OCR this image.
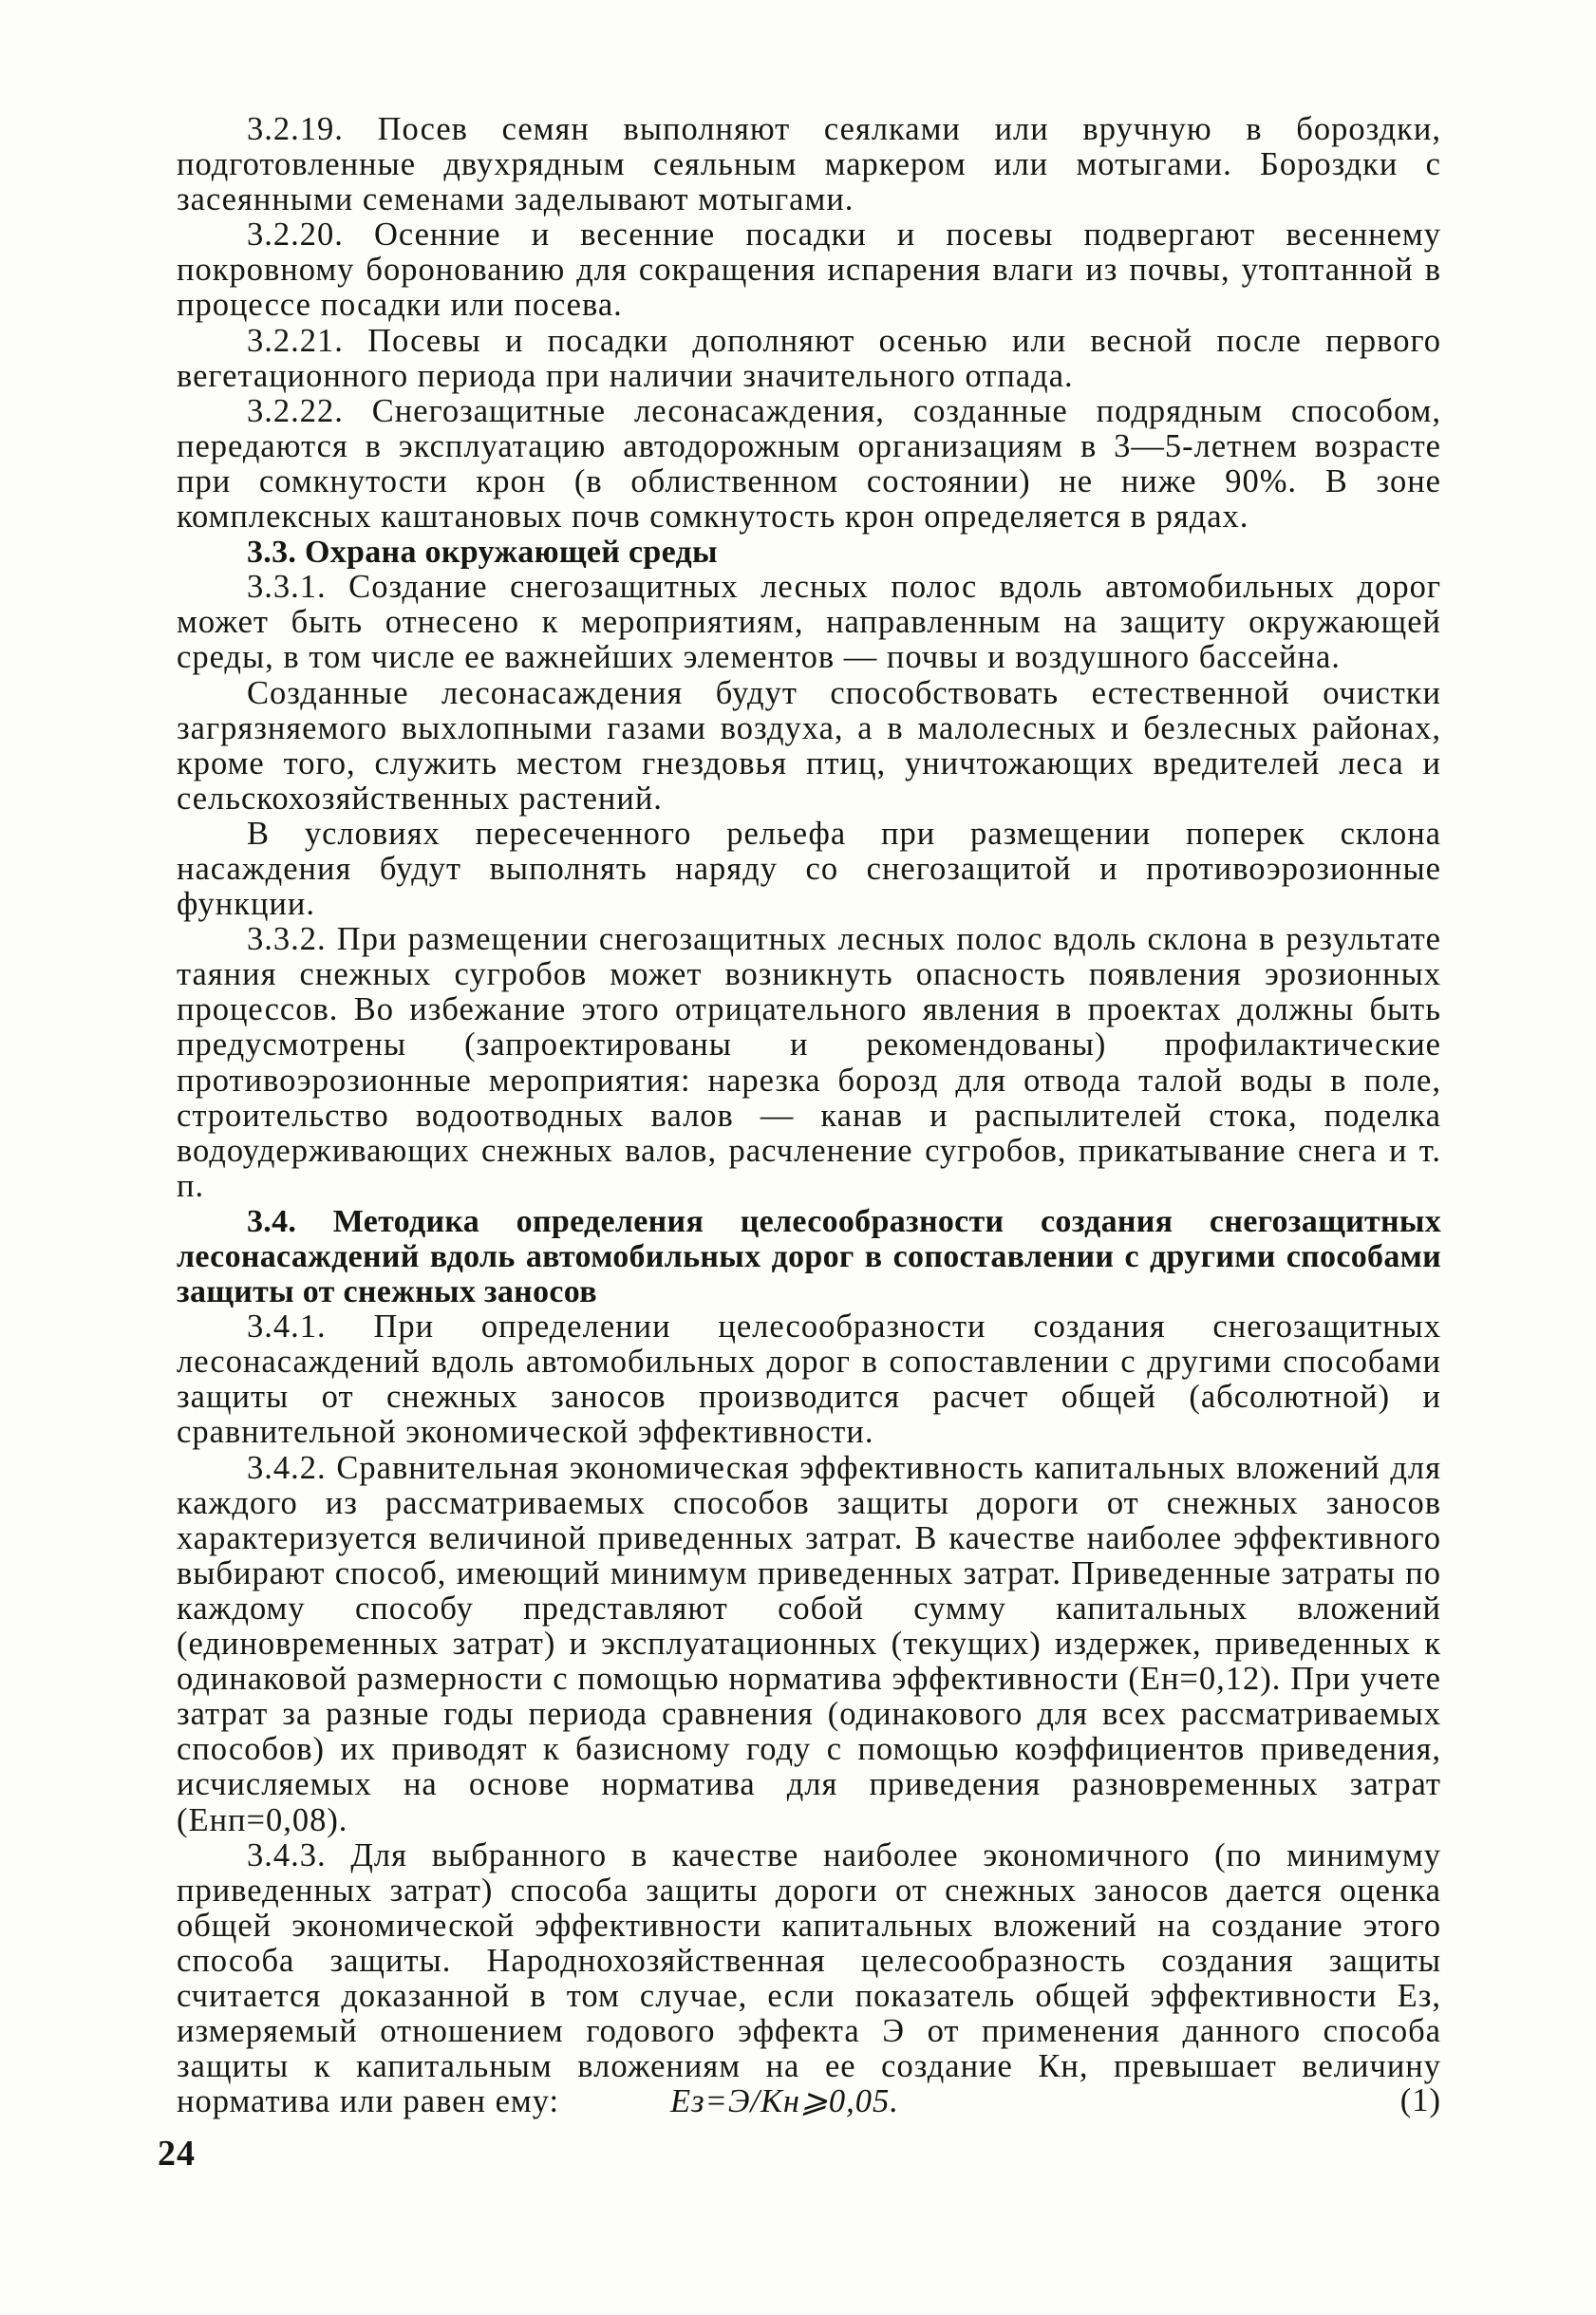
3.2.19. Посев семян выполняют сеялками или вручную в бороздки, подготовленные двухрядным сеяльным маркером или мотыгами. Бороздки с засеянными семенами заделывают мотыгами.

3.2.20. Осенние и весенние посадки и посевы подвергают весеннему покровному боронованию для сокращения испарения влаги из почвы, утоптанной в процессе посадки или посева.

3.2.21. Посевы и посадки дополняют осенью или весной после первого вегетационного периода при наличии значительного отпада.

3.2.22. Снегозащитные лесонасаждения, созданные подрядным способом, передаются в эксплуатацию автодорожным организациям в 3—5-летнем возрасте при сомкнутости крон (в облиственном состоянии) не ниже 90%. В зоне комплексных каштановых почв сомкнутость крон определяется в рядах.

3.3. Охрана окружающей среды

3.3.1. Создание снегозащитных лесных полос вдоль автомобильных дорог может быть отнесено к мероприятиям, направленным на защиту окружающей среды, в том числе ее важнейших элементов — почвы и воздушного бассейна.

Созданные лесонасаждения будут способствовать естественной очистки загрязняемого выхлопными газами воздуха, а в малолесных и безлесных районах, кроме того, служить местом гнездовья птиц, уничтожающих вредителей леса и сельскохозяйственных растений.

В условиях пересеченного рельефа при размещении поперек склона насаждения будут выполнять наряду со снегозащитой и противоэрозионные функции.

3.3.2. При размещении снегозащитных лесных полос вдоль склона в результате таяния снежных сугробов может возникнуть опасность появления эрозионных процессов. Во избежание этого отрицательного явления в проектах должны быть предусмотрены (запроектированы и рекомендованы) профилактические противоэрозионные мероприятия: нарезка борозд для отвода талой воды в поле, строительство водоотводных валов — канав и распылителей стока, поделка водоудерживающих снежных валов, расчленение сугробов, прикатывание снега и т. п.

3.4. Методика определения целесообразности создания снегозащитных лесонасаждений вдоль автомобильных дорог в сопоставлении с другими способами защиты от снежных заносов

3.4.1. При определении целесообразности создания снегозащитных лесонасаждений вдоль автомобильных дорог в сопоставлении с другими способами защиты от снежных заносов производится расчет общей (абсолютной) и сравнительной экономической эффективности.

3.4.2. Сравнительная экономическая эффективность капитальных вложений для каждого из рассматриваемых способов защиты дороги от снежных заносов характеризуется величиной приведенных затрат. В качестве наиболее эффективного выбирают способ, имеющий минимум приведенных затрат. Приведенные затраты по каждому способу представляют собой сумму капитальных вложений (единовременных затрат) и эксплуатационных (текущих) издержек, приведенных к одинаковой размерности с помощью норматива эффективности (Ен=0,12). При учете затрат за разные годы периода сравнения (одинакового для всех рассматриваемых способов) их приводят к базисному году с помощью коэффициентов приведения, исчисляемых на основе норматива для приведения разновременных затрат (Енп=0,08).

3.4.3. Для выбранного в качестве наиболее экономичного (по минимуму приведенных затрат) способа защиты дороги от снежных заносов дается оценка общей экономической эффективности капитальных вложений на создание этого способа защиты. Народнохозяйственная целесообразность создания защиты считается доказанной в том случае, если показатель общей эффективности Ез, измеряемый отношением годового эффекта Э от применения данного способа защиты к капитальным вложениям на ее создание Кн, превышает величину норматива или равен ему:	Ез=Э/Кн⩾0,05.	(1)
24
